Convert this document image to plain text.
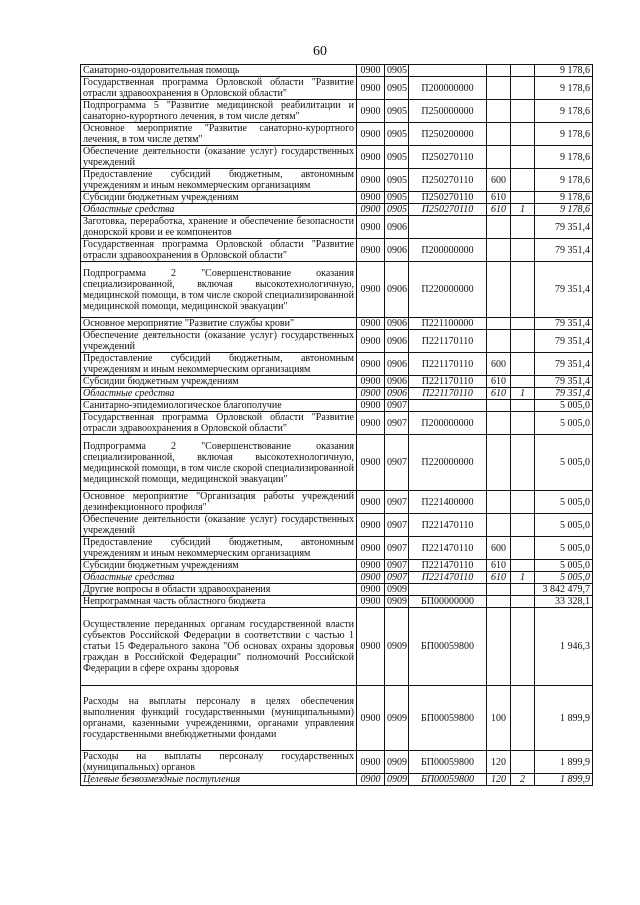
60
Санаторно-оздоровительная помощь	0900	0905				9 178,6
Государственная программа Орловской области "Развитие отрасли здравоохранения в Орловской области"	0900	0905	П200000000			9 178,6
Подпрограмма 5 "Развитие медицинской реабилитации и санаторно-курортного лечения, в том числе детям"	0900	0905	П250000000			9 178,6
Основное мероприятие "Развитие санаторно-курортного лечения, в том числе детям"	0900	0905	П250200000			9 178,6
Обеспечение деятельности (оказание услуг) государственных учреждений	0900	0905	П250270110			9 178,6
Предоставление субсидий бюджетным, автономным учреждениям и иным некоммерческим организациям	0900	0905	П250270110	600		9 178,6
Субсидии бюджетным учреждениям	0900	0905	П250270110	610		9 178,6
Областные средства	0900	0905	П250270110	610	1	9 178,6
Заготовка, переработка, хранение и обеспечение безопасности донорской крови и ее компонентов	0900	0906				79 351,4
Государственная программа Орловской области "Развитие отрасли здравоохранения в Орловской области"	0900	0906	П200000000			79 351,4
Подпрограмма 2 "Совершенствование оказания специализированной, включая высокотехнологичную, медицинской помощи, в том числе скорой специализированной медицинской помощи, медицинской эвакуации"	0900	0906	П220000000			79 351,4
Основное мероприятие "Развитие службы крови"	0900	0906	П221100000			79 351,4
Обеспечение деятельности (оказание услуг) государственных учреждений	0900	0906	П221170110			79 351,4
Предоставление субсидий бюджетным, автономным учреждениям и иным некоммерческим организациям	0900	0906	П221170110	600		79 351,4
Субсидии бюджетным учреждениям	0900	0906	П221170110	610		79 351,4
Областные средства	0900	0906	П221170110	610	1	79 351,4
Санитарно-эпидемиологическое благополучие	0900	0907				5 005,0
Государственная программа Орловской области "Развитие отрасли здравоохранения в Орловской области"	0900	0907	П200000000			5 005,0
Подпрограмма 2 "Совершенствование оказания специализированной, включая высокотехнологичную, медицинской помощи, в том числе скорой специализированной медицинской помощи, медицинской эвакуации"	0900	0907	П220000000			5 005,0
Основное мероприятие "Организация работы учреждений дезинфекционного профиля"	0900	0907	П221400000			5 005,0
Обеспечение деятельности (оказание услуг) государственных учреждений	0900	0907	П221470110			5 005,0
Предоставление субсидий бюджетным, автономным учреждениям и иным некоммерческим организациям	0900	0907	П221470110	600		5 005,0
Субсидии бюджетным учреждениям	0900	0907	П221470110	610		5 005,0
Областные средства	0900	0907	П221470110	610	1	5 005,0
Другие вопросы в области здравоохранения	0900	0909				3 842 479,7
Непрограммная часть областного бюджета	0900	0909	БП00000000			33 328,1
Осуществление переданных органам государственной власти субъектов Российской Федерации в соответствии с частью 1 статьи 15 Федерального закона "Об основах охраны здоровья граждан в Российской Федерации" полномочий Российской Федерации в сфере охраны здоровья	0900	0909	БП00059800			1 946,3
Расходы на выплаты персоналу в целях обеспечения выполнения функций государственными (муниципальными) органами, казенными учреждениями, органами управления государственными внебюджетными фондами	0900	0909	БП00059800	100		1 899,9
Расходы на выплаты персоналу государственных (муниципальных) органов	0900	0909	БП00059800	120		1 899,9
Целевые безвозмездные поступления	0900	0909	БП00059800	120	2	1 899,9
